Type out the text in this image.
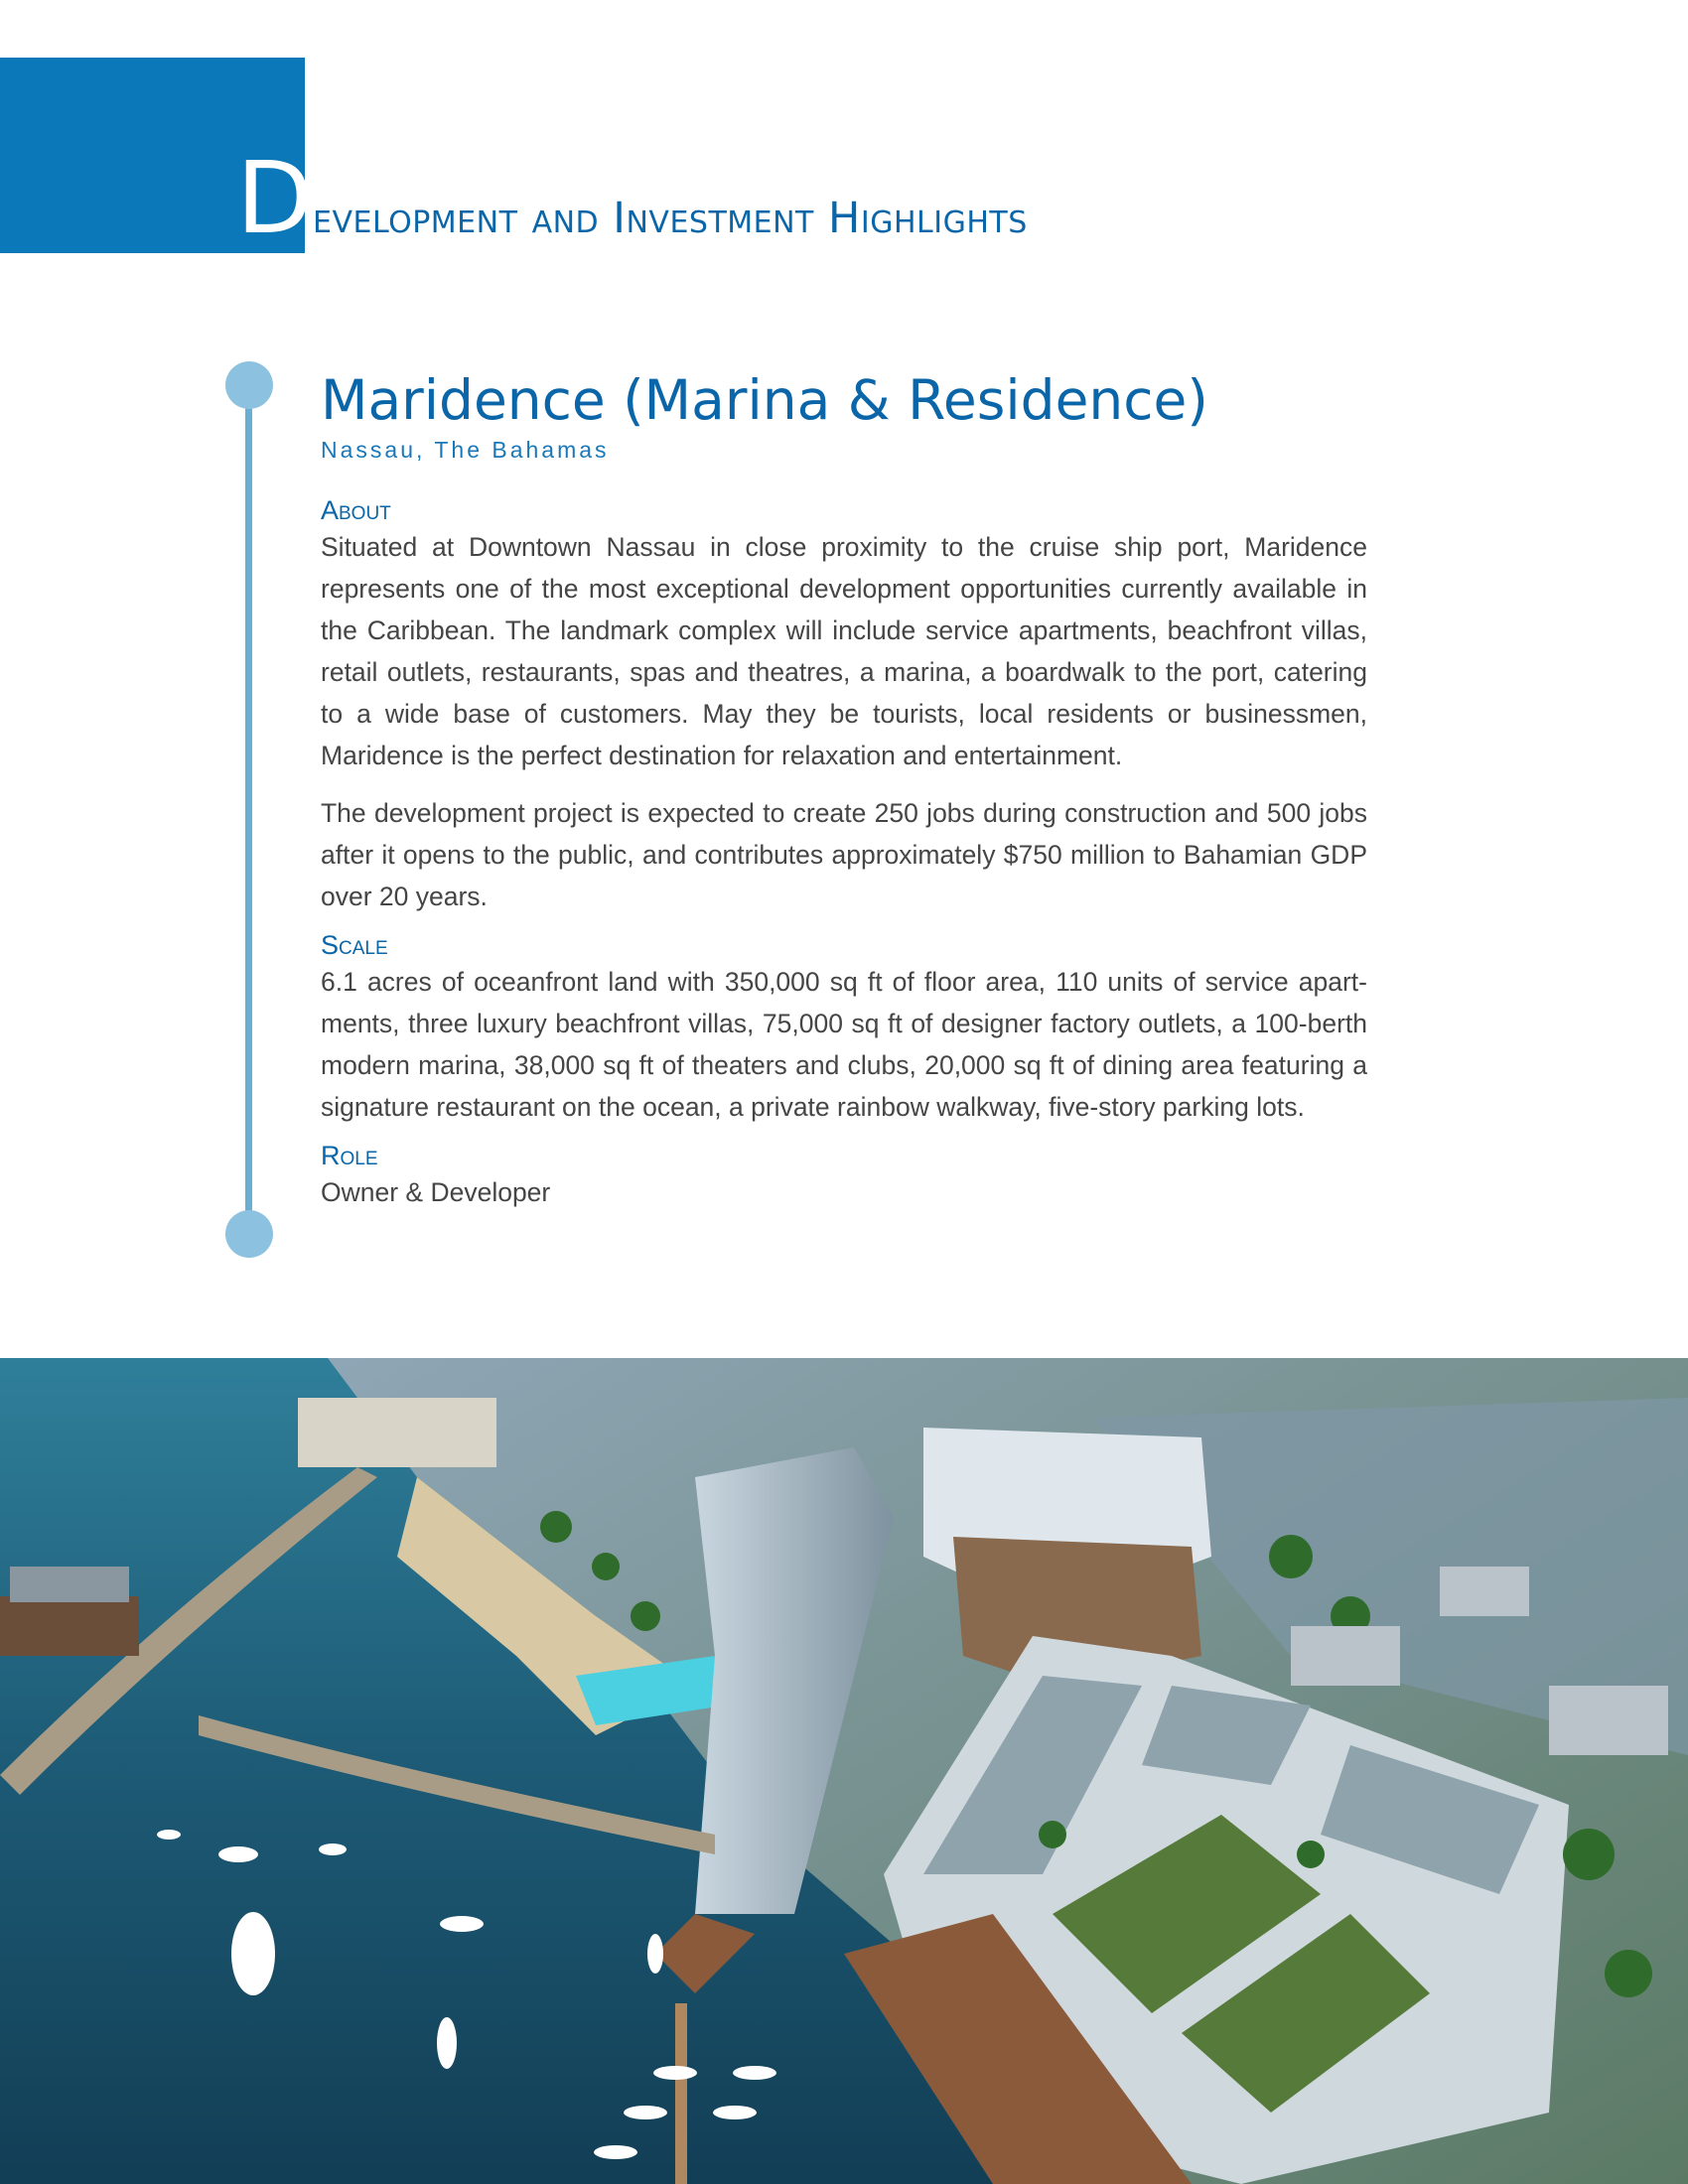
Development and Investment Highlights
Maridence (Marina & Residence)
Nassau, The Bahamas
About

Situated at Downtown Nassau in close proximity to the cruise ship port, Maridence represents one of the most exceptional development opportunities currently available in the Caribbean. The landmark complex will include service apartments, beachfront villas, retail outlets, restaurants, spas and theatres, a marina, a boardwalk to the port, catering to a wide base of customers. May they be tourists, local residents or businessmen, Maridence is the perfect destination for relaxation and entertainment.

The development project is expected to create 250 jobs during construction and 500 jobs after it opens to the public, and contributes approximately $750 million to Bahamian GDP over 20 years.

Scale

6.1 acres of oceanfront land with 350,000 sq ft of floor area, 110 units of service apart-ments, three luxury beachfront villas, 75,000 sq ft of designer factory outlets, a 100-berth modern marina, 38,000 sq ft of theaters and clubs, 20,000 sq ft of dining area featuring a signature restaurant on the ocean, a private rainbow walkway, five-story parking lots.

Role

Owner & Developer
